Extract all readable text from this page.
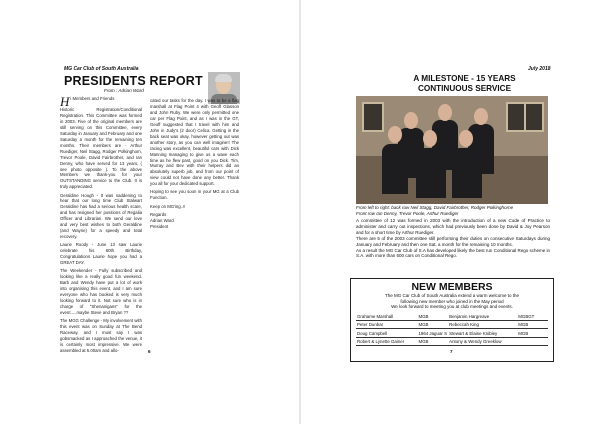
MG Car Club of South Australia
PRESIDENTS REPORT
From : Adrian Ward

Hi Members and Friends

Historic Registration/Conditional Registration. This Committee was formed in 2003. Five of the original members are still serving on this Committee, every Saturday in January and February and one Saturday a month for the remaining ten months. Their members are - Arthur Ruediger, Neil Stagg, Rodger Polkinghorn, Trevor Poole, David Fairbrother, and Ian Denny, who have served for 13 years, ( see photo opposite ). To the above Members we thank-you for your OUTSTANDING service to the Club. It is truly appreciated.

Geraldine Hough - It was saddening to hear that our long time Club Stalwart Geraldine has had a serious health scare, and has resigned her positions of Regalia Officer and Librarian. We send our love and very best wishes to both Geraldine (and Wayne) for a speedy and total recovery.

Laurie Roody - June 13 saw Laurie celebrate his 60th Birthday, Congratulations Laurie hope you had a GREAT DAY.

The Weekender - Fully subscribed and looking like a really good fun weekend. Barb and Wendy have put a lot of work into organising this event, and I am sure everyone who has booked is very much looking forward to it. Not sure who is in charge of "Shenanigans" for the event.....maybe Steve and Bryan ??

The MGG Challenge - My involvement with this event was on Sunday at The Bend Raceway, and I must say I was gobsmacked as I approached the venue, it is certainly most impressive. We were assembled at 6.00am and allo-

cated our tasks for the day. I was to be a flag marshall at Flag Point 4 with Geoff Glasson and John Ruby. We were only permitted one car per Flag Point, and as I was in the GT, Geoff suggested that I travel with him and John in Judy's (2 door) Celica. Getting in the back seat was okay, however getting out was another story, as you can well imagine!! The racing was excellent, beautiful cars with Dick Manning managing to give us a wave each time as he flew past, good on you Dick. Tim, Murray and Bev with their helpers did an absolutely superb job, and from our point of view could not have done any better. Thank you all for your dedicated support.

Hoping to see you soon in your MG at a Club Function.

Keep on MG'ing..!!

Regards

Adrian Ward

President

6
July 2018
A MILESTONE - 15 YEARS
CONTINUOUS SERVICE
From left to right: back row Neil Stagg, David Fairbrother, Rodger Polkinghorne
Front row Ian Denny, Trevor Poole, Arthur Ruediger

A committee of 12 was formed in 2003 with the introduction of a new Code of Practice to administer and carry out inspections, which had previously been done by David & Joy Pearson and for a short time by Arthur Ruediger.

There are 5 of the 2003 committee still performing their duties on consecutive Saturdays during January and February and then one Sat. a month for the remaining 10 months.

As a result the MG Car Club of S.A has developed likely the best run Conditional Rego scheme in S.A. with more than 600 cars on Conditional Rego.

NEW MEMBERS
The MG Car Club of South Australia extend a warm welcome to the
following new member who joined in the May period
We look forward to meeting you at club meetings and events.
Grahame Marshall	MGB	Benjamin Hargreave	MGBGT
Peter Dunbar	MGB	Rebeccah King	MGB
Doug Campbell	1964 Jaguar S	Stewart & Elaine Knibley	MGB
Robert & Lynette Gainer	MGB	Antony & Wendy Greeklow	
7
